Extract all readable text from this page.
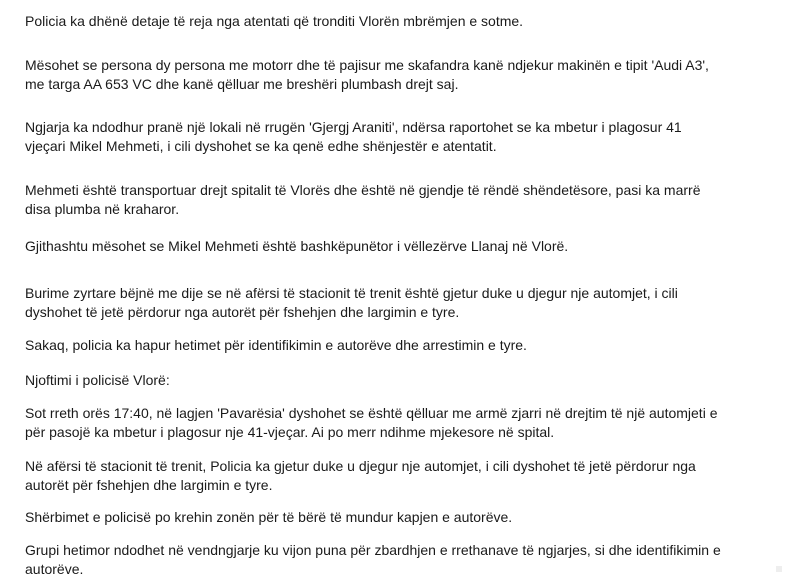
Policia ka dhënë detaje të reja nga atentati që tronditi Vlorën mbrëmjen e sotme.

Mësohet se persona dy persona me motorr dhe të pajisur me skafandra kanë ndjekur makinën e tipit 'Audi A3',
me targa AA 653 VC dhe kanë qëlluar me breshëri plumbash drejt saj.

Ngjarja ka ndodhur pranë një lokali në rrugën 'Gjergj Araniti', ndërsa raportohet se ka mbetur i plagosur 41
vjeçari Mikel Mehmeti, i cili dyshohet se ka qenë edhe shënjestër e atentatit.

Mehmeti është transportuar drejt spitalit të Vlorës dhe është në gjendje të rëndë shëndetësore, pasi ka marrë
disa plumba në kraharor.

Gjithashtu mësohet se Mikel Mehmeti është bashkëpunëtor i vëllezërve Llanaj në Vlorë.

Burime zyrtare bëjnë me dije se në afërsi të stacionit të trenit është gjetur duke u djegur nje automjet, i cili
dyshohet të jetë përdorur nga autorët për fshehjen dhe largimin e tyre.

Sakaq, policia ka hapur hetimet për identifikimin e autorëve dhe arrestimin e tyre.

Njoftimi i policisë Vlorë:

Sot rreth orës 17:40, në lagjen 'Pavarësia' dyshohet se është qëlluar me armë zjarri në drejtim të një automjeti e
për pasojë ka mbetur i plagosur nje 41-vjeçar. Ai po merr ndihme mjekesore në spital.

Në afërsi të stacionit të trenit, Policia ka gjetur duke u djegur nje automjet, i cili dyshohet të jetë përdorur nga
autorët për fshehjen dhe largimin e tyre.

Shërbimet e policisë po krehin zonën për të bërë të mundur kapjen e autorëve.

Grupi hetimor ndodhet në vendngjarje ku vijon puna për zbardhjen e rrethanave të ngjarjes, si dhe identifikimin e
autorëve.
